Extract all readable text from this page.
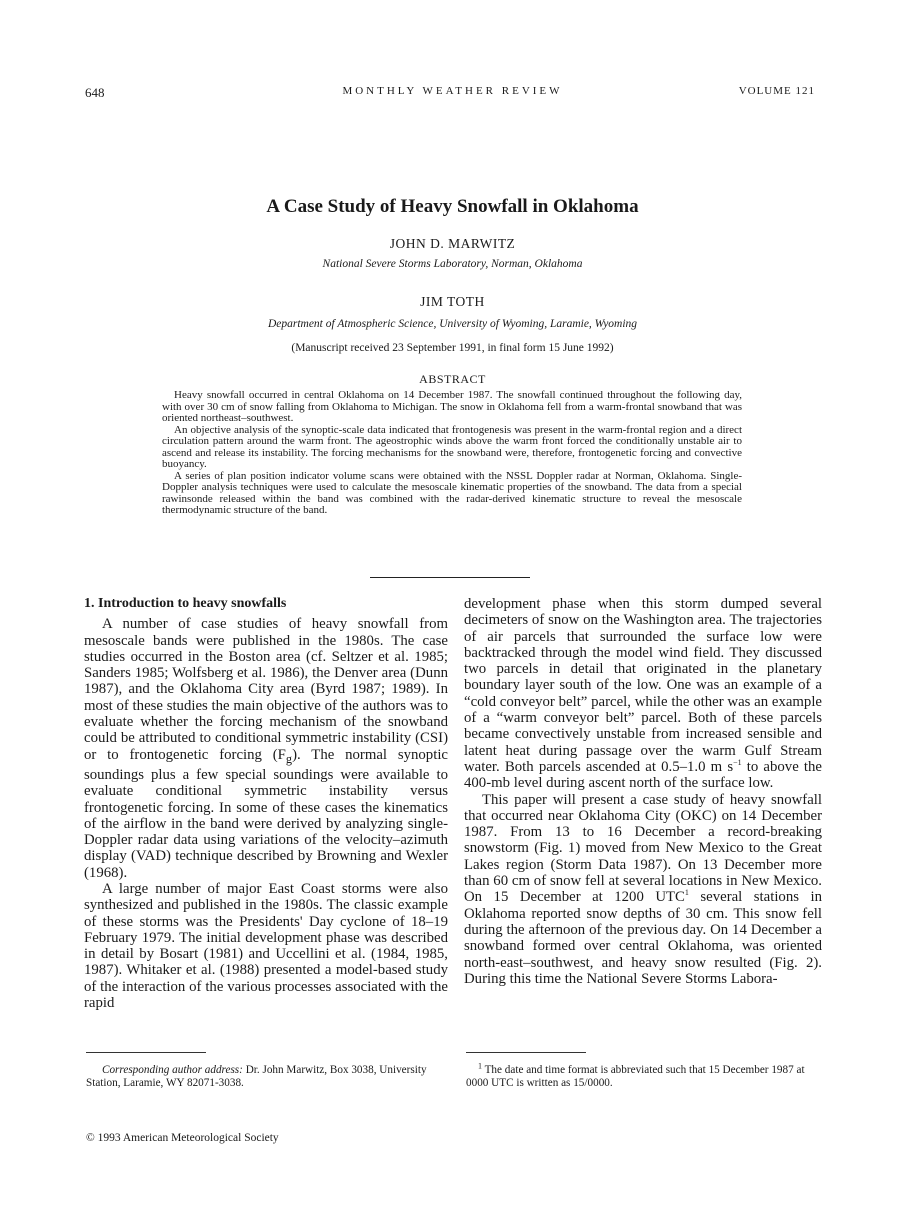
648	MONTHLY WEATHER REVIEW	VOLUME 121
A Case Study of Heavy Snowfall in Oklahoma
JOHN D. MARWITZ
National Severe Storms Laboratory, Norman, Oklahoma
JIM TOTH
Department of Atmospheric Science, University of Wyoming, Laramie, Wyoming
(Manuscript received 23 September 1991, in final form 15 June 1992)
ABSTRACT

Heavy snowfall occurred in central Oklahoma on 14 December 1987. The snowfall continued throughout the following day, with over 30 cm of snow falling from Oklahoma to Michigan. The snow in Oklahoma fell from a warm-frontal snowband that was oriented northeast–southwest.

An objective analysis of the synoptic-scale data indicated that frontogenesis was present in the warm-frontal region and a direct circulation pattern around the warm front. The ageostrophic winds above the warm front forced the conditionally unstable air to ascend and release its instability. The forcing mechanisms for the snowband were, therefore, frontogenetic forcing and convective buoyancy.

A series of plan position indicator volume scans were obtained with the NSSL Doppler radar at Norman, Oklahoma. Single-Doppler analysis techniques were used to calculate the mesoscale kinematic properties of the snowband. The data from a special rawinsonde released within the band was combined with the radar-derived kinematic structure to reveal the mesoscale thermodynamic structure of the band.

1. Introduction to heavy snowfalls

A number of case studies of heavy snowfall from mesoscale bands were published in the 1980s. The case studies occurred in the Boston area (cf. Seltzer et al. 1985; Sanders 1985; Wolfsberg et al. 1986), the Denver area (Dunn 1987), and the Oklahoma City area (Byrd 1987; 1989). In most of these studies the main objective of the authors was to evaluate whether the forcing mechanism of the snowband could be attributed to conditional symmetric instability (CSI) or to frontogenetic forcing $(F_g)$. The normal synoptic soundings plus a few special soundings were available to evaluate conditional symmetric instability versus frontogenetic forcing. In some of these cases the kinematics of the airflow in the band were derived by analyzing single-Doppler radar data using variations of the velocity–azimuth display (VAD) technique described by Browning and Wexler (1968).

A large number of major East Coast storms were also synthesized and published in the 1980s. The classic example of these storms was the Presidents' Day cyclone of 18–19 February 1979. The initial development phase was described in detail by Bosart (1981) and Uccellini et al. (1984, 1985, 1987). Whitaker et al. (1988) presented a model-based study of the interaction of the various processes associated with the rapid

development phase when this storm dumped several decimeters of snow on the Washington area. The trajectories of air parcels that surrounded the surface low were backtracked through the model wind field. They discussed two parcels in detail that originated in the planetary boundary layer south of the low. One was an example of a “cold conveyor belt” parcel, while the other was an example of a “warm conveyor belt” parcel. Both of these parcels became convectively unstable from increased sensible and latent heat during passage over the warm Gulf Stream water. Both parcels ascended at 0.5–1.0 m $s^{-1}$ to above the 400-mb level during ascent north of the surface low.

This paper will present a case study of heavy snowfall that occurred near Oklahoma City (OKC) on 14 December 1987. From 13 to 16 December a record-breaking snowstorm (Fig. 1) moved from New Mexico to the Great Lakes region (Storm Data 1987). On 13 December more than 60 cm of snow fell at several locations in New Mexico. On 15 December at 1200 UTC$^1$ several stations in Oklahoma reported snow depths of 30 cm. This snow fell during the afternoon of the previous day. On 14 December a snowband formed over central Oklahoma, was oriented north-east–southwest, and heavy snow resulted (Fig. 2). During this time the National Severe Storms Labora-

Corresponding author address: Dr. John Marwitz, Box 3038, University Station, Laramie, WY 82071-3038.
$^1$ The date and time format is abbreviated such that 15 December 1987 at 0000 UTC is written as 15/0000.
© 1993 American Meteorological Society
